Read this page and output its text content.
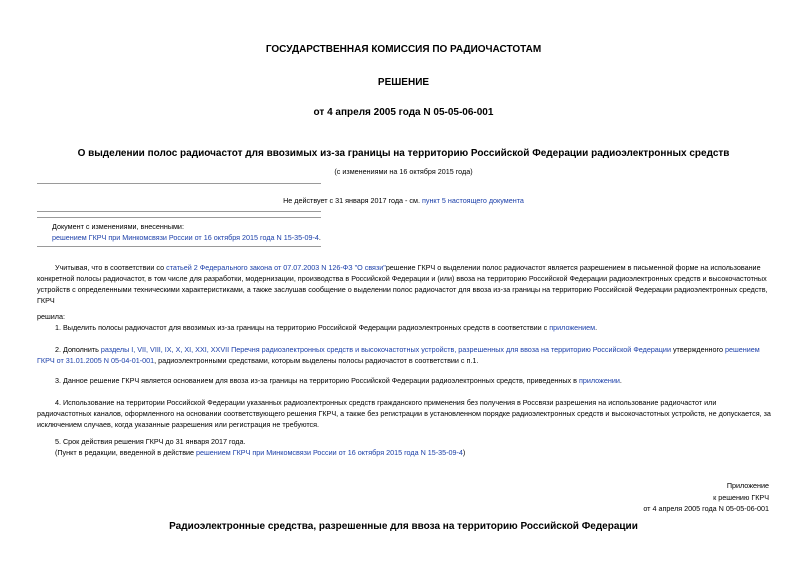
ГОСУДАРСТВЕННАЯ КОМИССИЯ ПО РАДИОЧАСТОТАМ
РЕШЕНИЕ
от 4 апреля 2005 года N 05-05-06-001
О выделении полос радиочастот для ввозимых из-за границы на территорию Российской Федерации радиоэлектронных средств
(с изменениями на 16 октября 2015 года)
Не действует с 31 января 2017 года - см. пункт 5 настоящего документа
Документ с изменениями, внесенными:
решением ГКРЧ при Минкомсвязи России от 16 октября 2015 года N 15-35-09-4.
Учитывая, что в соответствии со статьей 2 Федерального закона от 07.07.2003 N 126-ФЗ "О связи"решение ГКРЧ о выделении полос радиочастот является разрешением в письменной форме на использование конкретной полосы радиочастот, в том числе для разработки, модернизации, производства в Российской Федерации и (или) ввоза на территорию Российской Федерации радиоэлектронных средств и высокочастотных устройств с определенными техническими характеристиками, а также заслушав сообщение о выделении полос радиочастот для ввоза из-за границы на территорию Российской Федерации радиоэлектронных средств, ГКРЧ
решила:
1. Выделить полосы радиочастот для ввозимых из-за границы на территорию Российской Федерации радиоэлектронных средств в соответствии с приложением.
2. Дополнить разделы I, VII, VIII, IX, X, XI, XXI, XXVII Перечня радиоэлектронных средств и высокочастотных устройств, разрешенных для ввоза на территорию Российской Федерации утвержденного решением ГКРЧ от 31.01.2005 N 05-04-01-001, радиоэлектронными средствами, которым выделены полосы радиочастот в соответствии с п.1.
3. Данное решение ГКРЧ является основанием для ввоза из-за границы на территорию Российской Федерации радиоэлектронных средств, приведенных в приложении.
4. Использование на территории Российской Федерации указанных радиоэлектронных средств гражданского применения без получения в Россвязи разрешения на использование радиочастот или радиочастотных каналов, оформленного на основании соответствующего решения ГКРЧ, а также без регистрации в установленном порядке радиоэлектронных средств и высокочастотных устройств, не допускается, за исключением случаев, когда указанные разрешения или регистрация не требуются.
5. Срок действия решения ГКРЧ до 31 января 2017 года.
(Пункт в редакции, введенной в действие решением ГКРЧ при Минкомсвязи России от 16 октября 2015 года N 15-35-09-4)
Приложение
к решению ГКРЧ
от 4 апреля 2005 года N 05-05-06-001
Радиоэлектронные средства, разрешенные для ввоза на территорию Российской Федерации
